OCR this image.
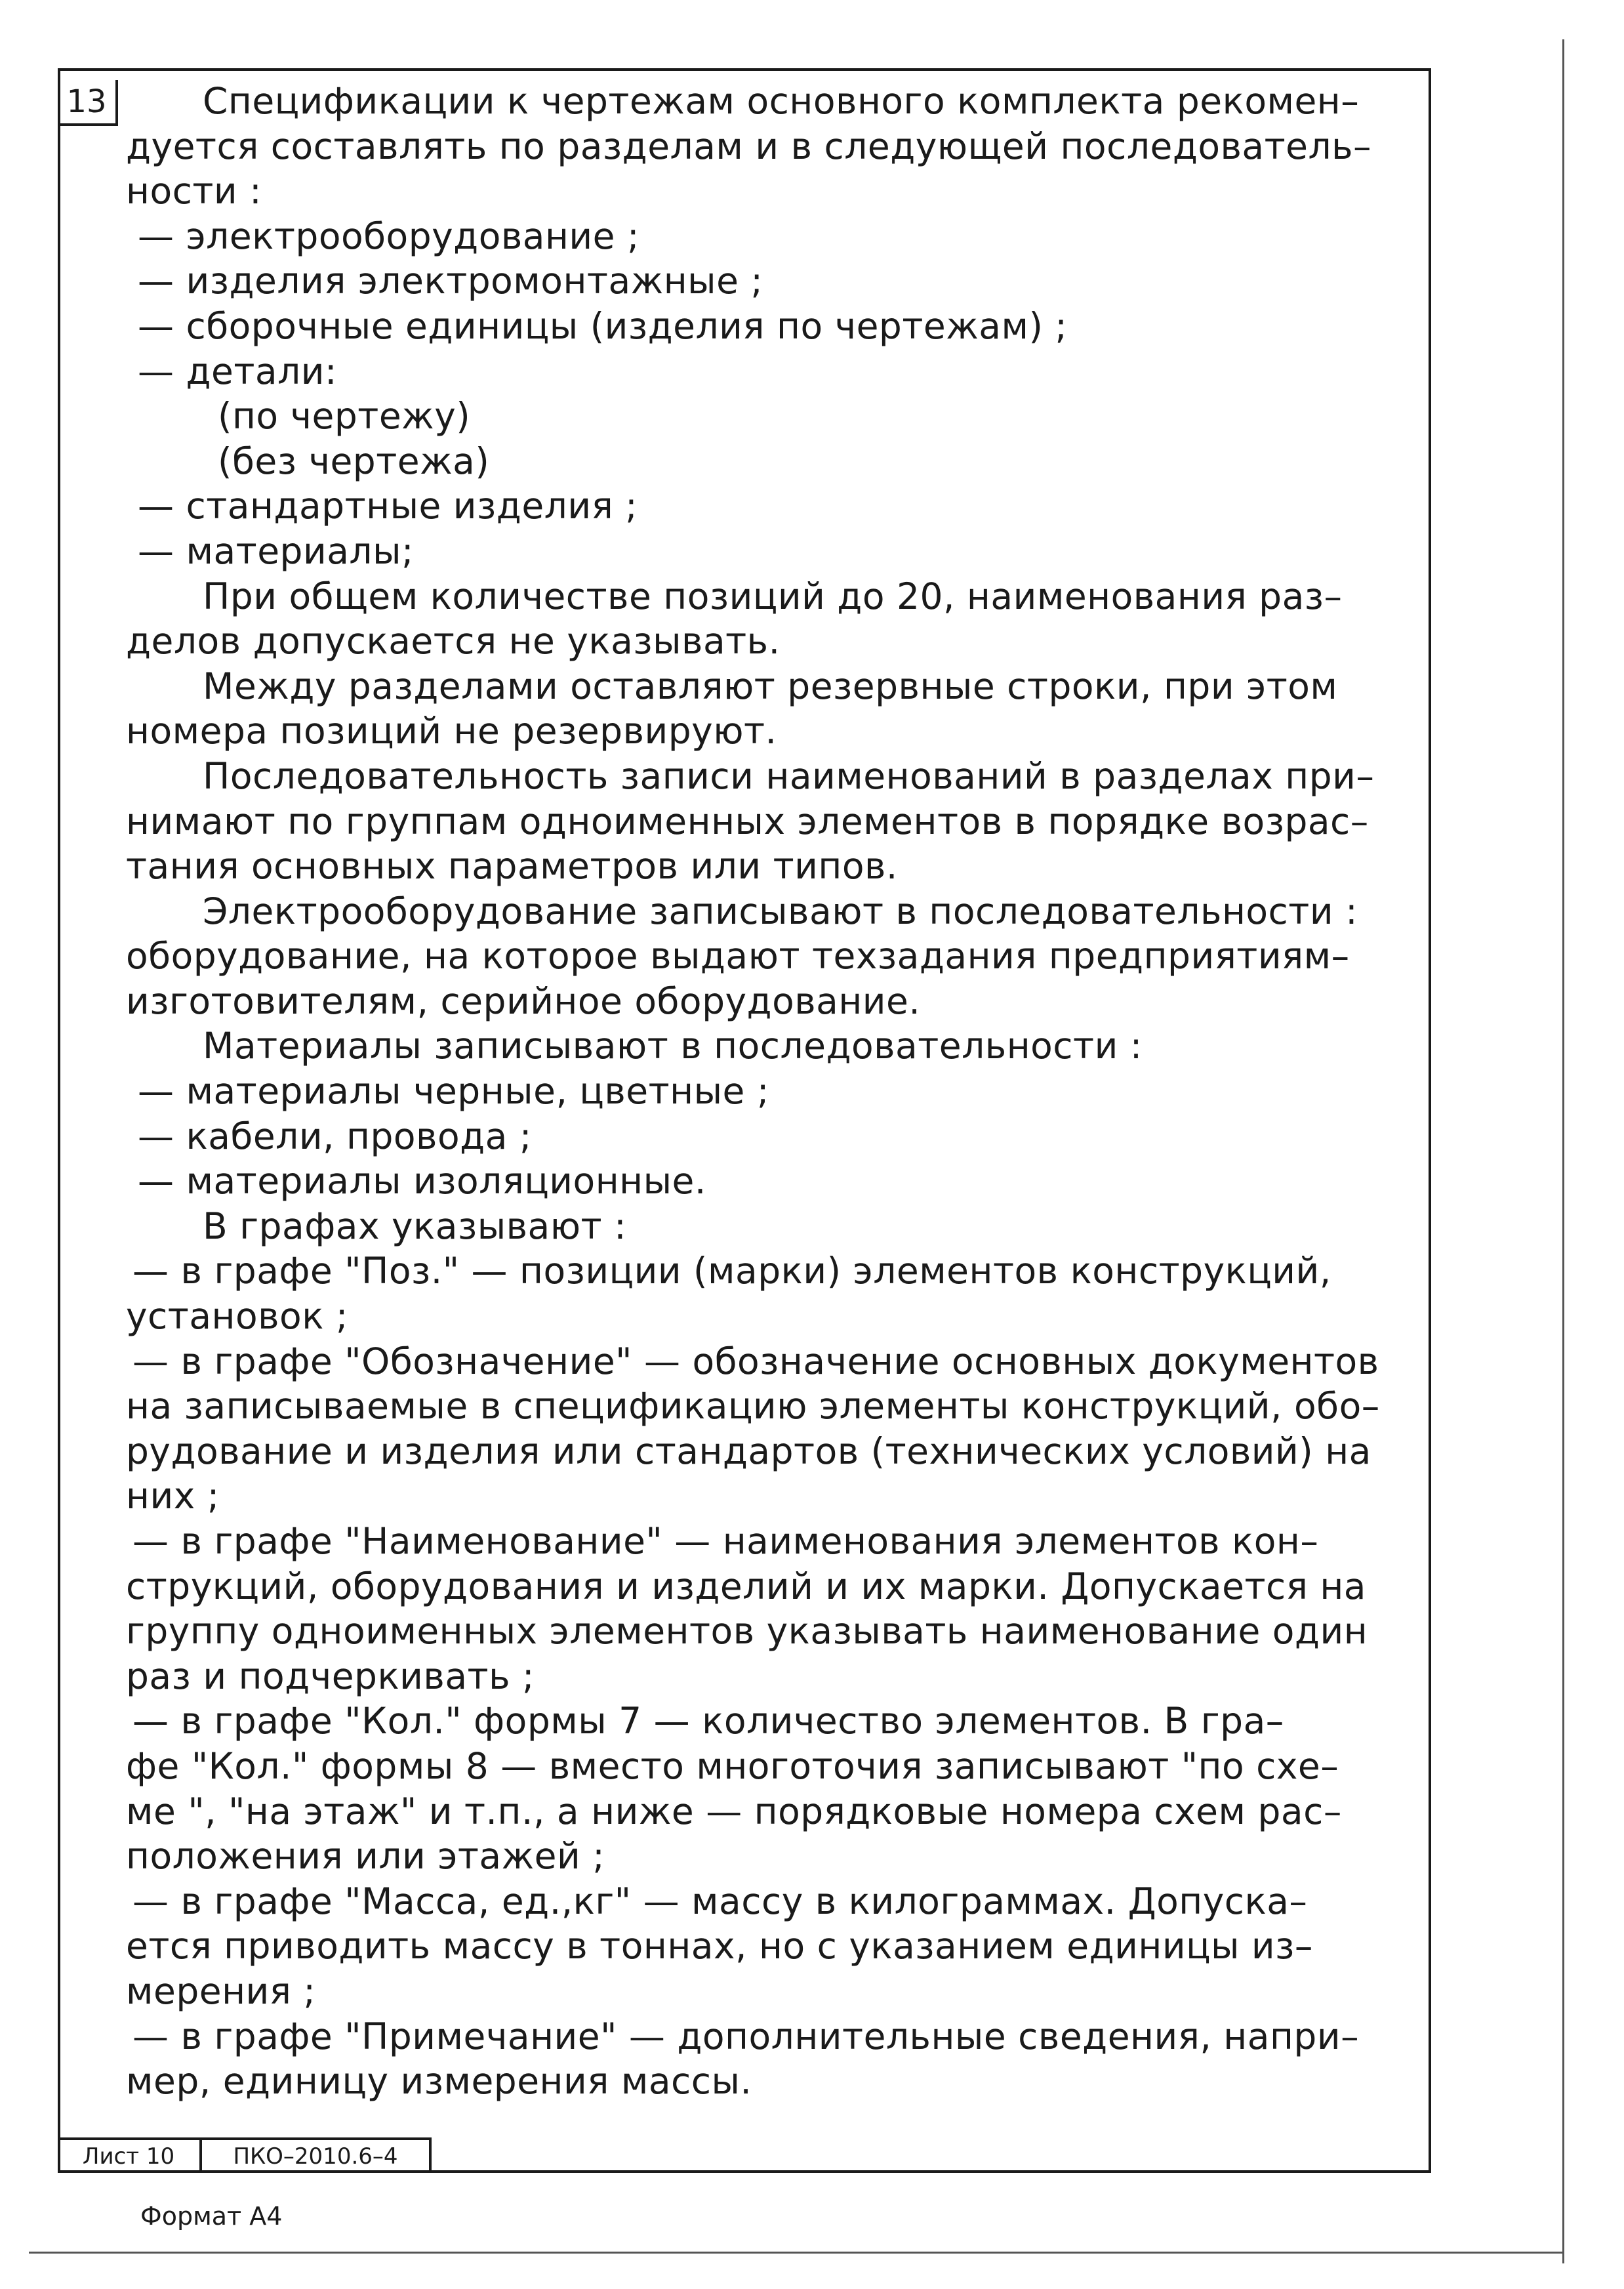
13	Спецификации к чертежам основного комплекта рекомен–
дуется составлять по разделам и в следующей последователь–
ности :
— электрооборудование ;
— изделия электромонтажные ;
— сборочные единицы (изделия по чертежам) ;
— детали:
(по чертежу)
(без чертежа)
— стандартные изделия ;
— материалы;
При общем количестве позиций до 20, наименования раз–
делов допускается не указывать.
Между разделами оставляют резервные строки, при этом
номера позиций не резервируют.
Последовательность записи наименований в разделах при–
нимают по группам одноименных элементов в порядке возрас–
тания основных параметров или типов.
Электрооборудование записывают в последовательности :
оборудование, на которое выдают техзадания предприятиям–
изготовителям, серийное оборудование.
Материалы записывают в последовательности :
— материалы черные, цветные ;
— кабели, провода ;
— материалы изоляционные.
В графах указывают :
— в графе "Поз." — позиции (марки) элементов конструкций,
установок ;
— в графе "Обозначение" — обозначение основных документов
на записываемые в спецификацию элементы конструкций, обо–
рудование и изделия или стандартов (технических условий) на
них ;
— в графе "Наименование" — наименования элементов кон–
струкций, оборудования и изделий и их марки. Допускается на
группу одноименных элементов указывать наименование один
раз и подчеркивать ;
— в графе "Кол." формы 7 — количество элементов. В гра–
фе "Кол." формы 8 — вместо многоточия записывают "по схе–
ме ", "на этаж" и т.п., а ниже — порядковые номера схем рас–
положения или этажей ;
— в графе "Масса, ед.,кг" — массу в килограммах. Допуска–
ется приводить массу в тоннах, но с указанием единицы из–
мерения ;
— в графе "Примечание" — дополнительные сведения, напри–
мер, единицу измерения массы.
Лист 10	ПКО–2010.6–4
Формат А4
